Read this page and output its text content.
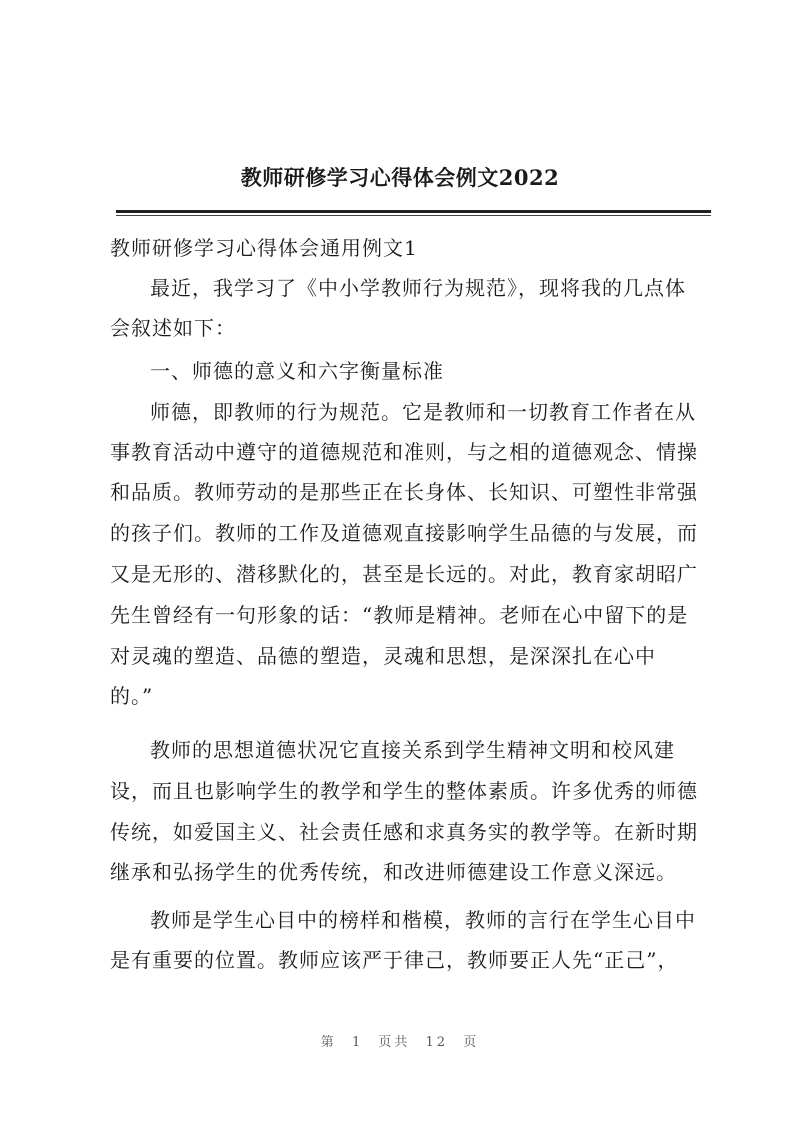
教师研修学习心得体会例文2022
教师研修学习心得体会通用例文1
最近，我学习了《中小学教师行为规范》，现将我的几点体
会叙述如下：
一、师德的意义和六字衡量标准
师德，即教师的行为规范。它是教师和一切教育工作者在从
事教育活动中遵守的道德规范和准则，与之相的道德观念、情操
和品质。教师劳动的是那些正在长身体、长知识、可塑性非常强
的孩子们。教师的工作及道德观直接影响学生品德的与发展，而
又是无形的、潜移默化的，甚至是长远的。对此，教育家胡昭广
先生曾经有一句形象的话：“教师是精神。老师在心中留下的是
对灵魂的塑造、品德的塑造，灵魂和思想，是深深扎在心中
的。”
教师的思想道德状况它直接关系到学生精神文明和校风建
设，而且也影响学生的教学和学生的整体素质。许多优秀的师德
传统，如爱国主义、社会责任感和求真务实的教学等。在新时期
继承和弘扬学生的优秀传统，和改进师德建设工作意义深远。
教师是学生心目中的榜样和楷模，教师的言行在学生心目中
是有重要的位置。教师应该严于律己，教师要正人先“正己”，
第 1 页共 12 页
